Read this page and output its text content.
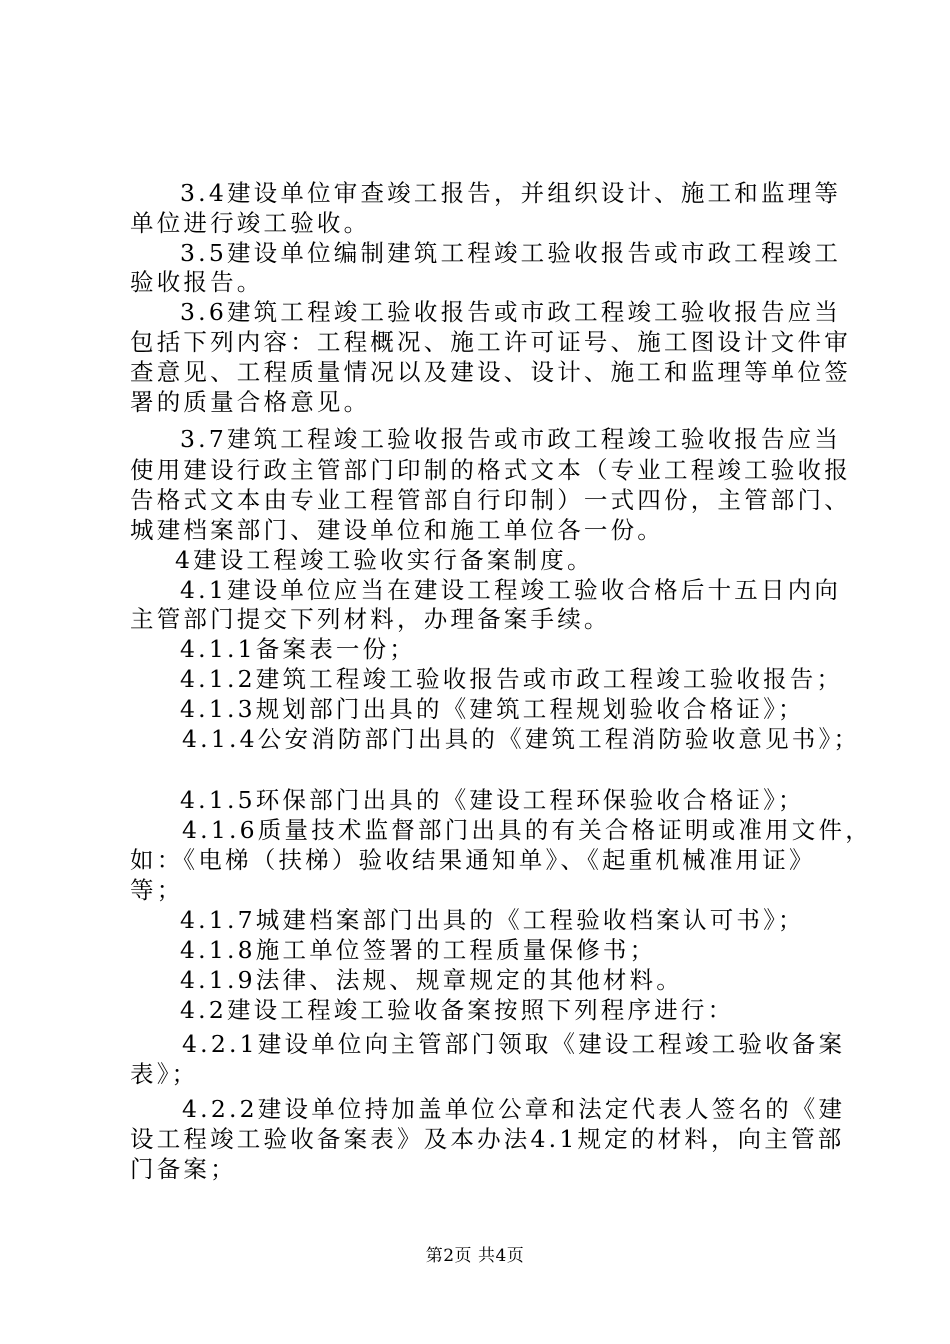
3.4建设单位审查竣工报告，并组织设计、施工和监理等
单位进行竣工验收。
3.5建设单位编制建筑工程竣工验收报告或市政工程竣工
验收报告。
3.6建筑工程竣工验收报告或市政工程竣工验收报告应当
包括下列内容：工程概况、施工许可证号、施工图设计文件审
查意见、工程质量情况以及建设、设计、施工和监理等单位签
署的质量合格意见。
3.7建筑工程竣工验收报告或市政工程竣工验收报告应当
使用建设行政主管部门印制的格式文本（专业工程竣工验收报
告格式文本由专业工程管部自行印制）一式四份，主管部门、
城建档案部门、建设单位和施工单位各一份。
4建设工程竣工验收实行备案制度。
4.1建设单位应当在建设工程竣工验收合格后十五日内向
主管部门提交下列材料，办理备案手续。
4.1.1备案表一份；
4.1.2建筑工程竣工验收报告或市政工程竣工验收报告；
4.1.3规划部门出具的《建筑工程规划验收合格证》；
4.1.4公安消防部门出具的《建筑工程消防验收意见书》；
4.1.5环保部门出具的《建设工程环保验收合格证》；
4.1.6质量技术监督部门出具的有关合格证明或准用文件，
如：《电梯（扶梯）验收结果通知单》、《起重机械准用证》
等；
4.1.7城建档案部门出具的《工程验收档案认可书》；
4.1.8施工单位签署的工程质量保修书；
4.1.9法律、法规、规章规定的其他材料。
4.2建设工程竣工验收备案按照下列程序进行：
4.2.1建设单位向主管部门领取《建设工程竣工验收备案
表》；
4.2.2建设单位持加盖单位公章和法定代表人签名的《建
设工程竣工验收备案表》及本办法4.1规定的材料，向主管部
门备案；
第2页 共4页
